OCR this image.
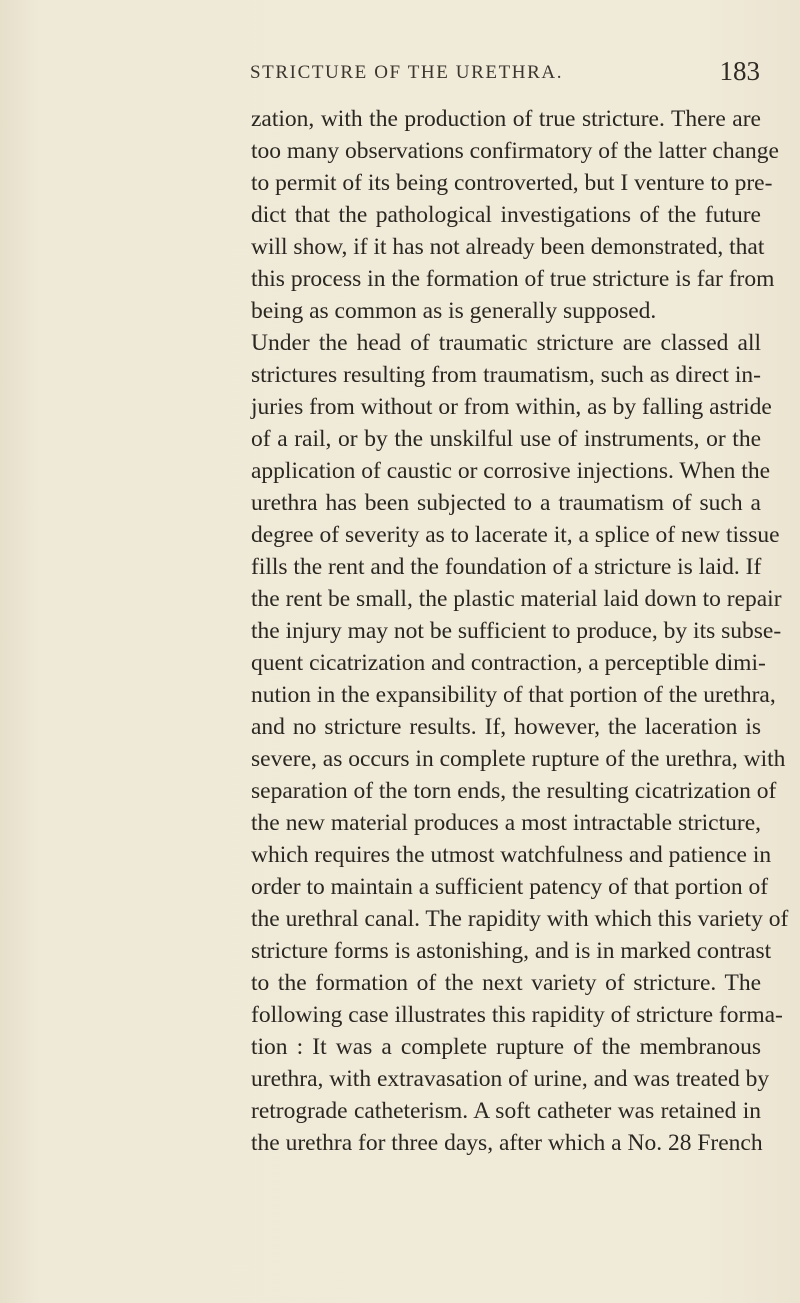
STRICTURE OF THE URETHRA.	183
zation, with the production of true stricture. There are
too many observations confirmatory of the latter change
to permit of its being controverted, but I venture to pre-
dict that the pathological investigations of the future
will show, if it has not already been demonstrated, that
this process in the formation of true stricture is far from
being as common as is generally supposed.
Under the head of traumatic stricture are classed all
strictures resulting from traumatism, such as direct in-
juries from without or from within, as by falling astride
of a rail, or by the unskilful use of instruments, or the
application of caustic or corrosive injections. When the
urethra has been subjected to a traumatism of such a
degree of severity as to lacerate it, a splice of new tissue
fills the rent and the foundation of a stricture is laid. If
the rent be small, the plastic material laid down to repair
the injury may not be sufficient to produce, by its subse-
quent cicatrization and contraction, a perceptible dimi-
nution in the expansibility of that portion of the urethra,
and no stricture results. If, however, the laceration is
severe, as occurs in complete rupture of the urethra, with
separation of the torn ends, the resulting cicatrization of
the new material produces a most intractable stricture,
which requires the utmost watchfulness and patience in
order to maintain a sufficient patency of that portion of
the urethral canal. The rapidity with which this variety of
stricture forms is astonishing, and is in marked contrast
to the formation of the next variety of stricture. The
following case illustrates this rapidity of stricture forma-
tion : It was a complete rupture of the membranous
urethra, with extravasation of urine, and was treated by
retrograde catheterism. A soft catheter was retained in
the urethra for three days, after which a No. 28 French
